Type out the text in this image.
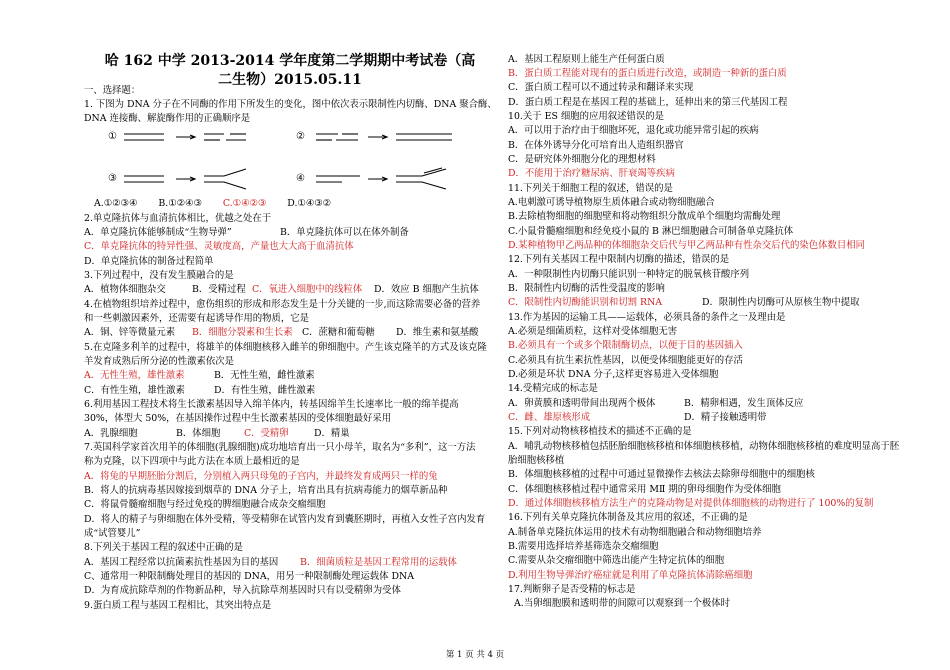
哈 162 中学 2013-2014 学年度第二学期期中考试卷（高二生物）2015.05.11
一、选择题：
1. 下图为 DNA 分子在不同酶的作用下所发生的变化，图中依次表示限制性内切酶、DNA 聚合酶、
DNA 连接酶、解旋酶作用的正确顺序是
A.①②③④ B.①②④③ C.①④②③ D.①④③②
2.单克隆抗体与血清抗体相比，优越之处在于
A．单克隆抗体能够制成“生物导弹”	B．单克隆抗体可以在体外制备
C．单克隆抗体的特异性强、灵敏度高，产量也大大高于血清抗体
D．单克隆抗体的制备过程简单
3.下列过程中，没有发生膜融合的是
A．植物体细胞杂交	B．受精过程 C．氧进入细胞中的线粒体 D．效应 B 细胞产生抗体
4.在植物组织培养过程中，愈伤组织的形成和形态发生是十分关键的一步,而这除需要必备的营养
和一些刺激因素外，还需要有起诱导作用的物质，它是
A．铜、锌等微量元素 B．细胞分裂素和生长素 C．蔗糖和葡萄糖 D．维生素和氨基酸
5.在克隆多利羊的过程中，将雄羊的体细胞核移入雌羊的卵细胞中。产生该克隆羊的方式及该克隆
羊发育成熟后所分泌的性激素依次是
A．无性生殖，雄性激素	B．无性生殖，雌性激素
C．有性生殖，雄性激素	D．有性生殖，雌性激素
6.利用基因工程技术将生长激素基因导入绵羊体内，转基因绵羊生长速率比一般的绵羊提高
30%，体型大 50%，在基因操作过程中生长激素基因的受体细胞最好采用
A．乳腺细胞	B．体细胞	C．受精卵	D．精巢
7.英国科学家首次用羊的体细胞(乳腺细胞)成功地培育出一只小母羊，取名为“多利”，这一方法
称为克隆，以下四项中与此方法在本质上最相近的是
A．将兔的早期胚胎分割后，分别植入两只母兔的子宫内，并最终发育成两只一样的兔
B．将人的抗病毒基因嫁接到烟草的 DNA 分子上，培育出具有抗病毒能力的烟草新品种
C．将鼠骨髓瘤细胞与经过免疫的脾细胞融合成杂交瘤细胞
D．将人的精子与卵细胞在体外受精，等受精卵在试管内发育到囊胚期时，再植入女性子宫内发育
成“试管婴儿”
8.下列关于基因工程的叙述中正确的是
A．基因工程经常以抗菌素抗性基因为目的基因 B．细菌质粒是基因工程常用的运载体
C、通常用一种限制酶处理目的基因的 DNA，用另一种限制酶处理运载体 DNA
D．为育成抗除草剂的作物新品种，导入抗除草剂基因时只有以受精卵为受体
9.蛋白质工程与基因工程相比，其突出特点是
①	②
③	④
A．基因工程原则上能生产任何蛋白质
B．蛋白质工程能对现有的蛋白质进行改造，或制造一种新的蛋白质
C．蛋白质工程可以不通过转录和翻译来实现
D．蛋白质工程是在基因工程的基础上，延伸出来的第三代基因工程
10.关于 ES 细胞的应用叙述错误的是
A．可以用于治疗由于细胞坏死，退化或功能异常引起的疾病
B．在体外诱导分化可培育出人造组织器官
C．是研究体外细胞分化的理想材料
D．不能用于治疗糖尿病、肝衰竭等疾病
11.下列关于细胞工程的叙述，错误的是
A.电刺激可诱导植物原生质体融合或动物细胞融合
B.去除植物细胞的细胞壁和将动物组织分散成单个细胞均需酶处理
C.小鼠骨髓瘤细胞和经免疫小鼠的 B 淋巴细胞融合可制备单克隆抗体
D.某种植物甲乙两品种的体细胞杂交后代与甲乙两品种有性杂交后代的染色体数目相同
12.下列有关基因工程中限制内切酶的描述，错误的是
A．一种限制性内切酶只能识别一种特定的脱氧核苷酸序列
B．限制性内切酶的活性受温度的影响
C．限制性内切酶能识别和切割 RNA	D．限制性内切酶可从原核生物中提取
13.作为基因的运输工具——运载体，必须具备的条件之一及理由是
A.必须是细菌质粒，这样对受体细胞无害
B.必须具有一个或多个限制酶切点，以便于目的基因插入
C.必须具有抗生素抗性基因，以便受体细胞能更好的存活
D.必须是环状 DNA 分子,这样更容易进入受体细胞
14.受精完成的标志是
A．卵黄膜和透明带间出现两个极体	B．精卵相遇，发生顶体反应
C．雌、雄原核形成	D．精子接触透明带
15.下列对动物核移植技术的描述不正确的是
A．哺乳动物核移植包括胚胎细胞核移植和体细胞核移植，动物体细胞核移植的难度明显高于胚
胎细胞核移植
B．体细胞核移植的过程中可通过显微操作去核法去除卵母细胞中的细胞核
C．体细胞核移植过程中通常采用 MⅡ 期的卵母细胞作为受体细胞
D．通过体细胞核移植方法生产的克隆动物是对提供体细胞核的动物进行了 100%的复制
16.下列有关单克隆抗体制备及其应用的叙述，不正确的是
A.制备单克隆抗体运用的技术有动物细胞融合和动物细胞培养
B.需要用选择培养基筛选杂交瘤细胞
C.需要从杂交瘤细胞中筛选出能产生特定抗体的细胞
D.利用生物导弹治疗癌症就是利用了单克隆抗体清除癌细胞
17.判断卵子是否受精的标志是
A.当卵细胞膜和透明带的间隙可以观察到一个极体时
第 1 页 共 4 页
